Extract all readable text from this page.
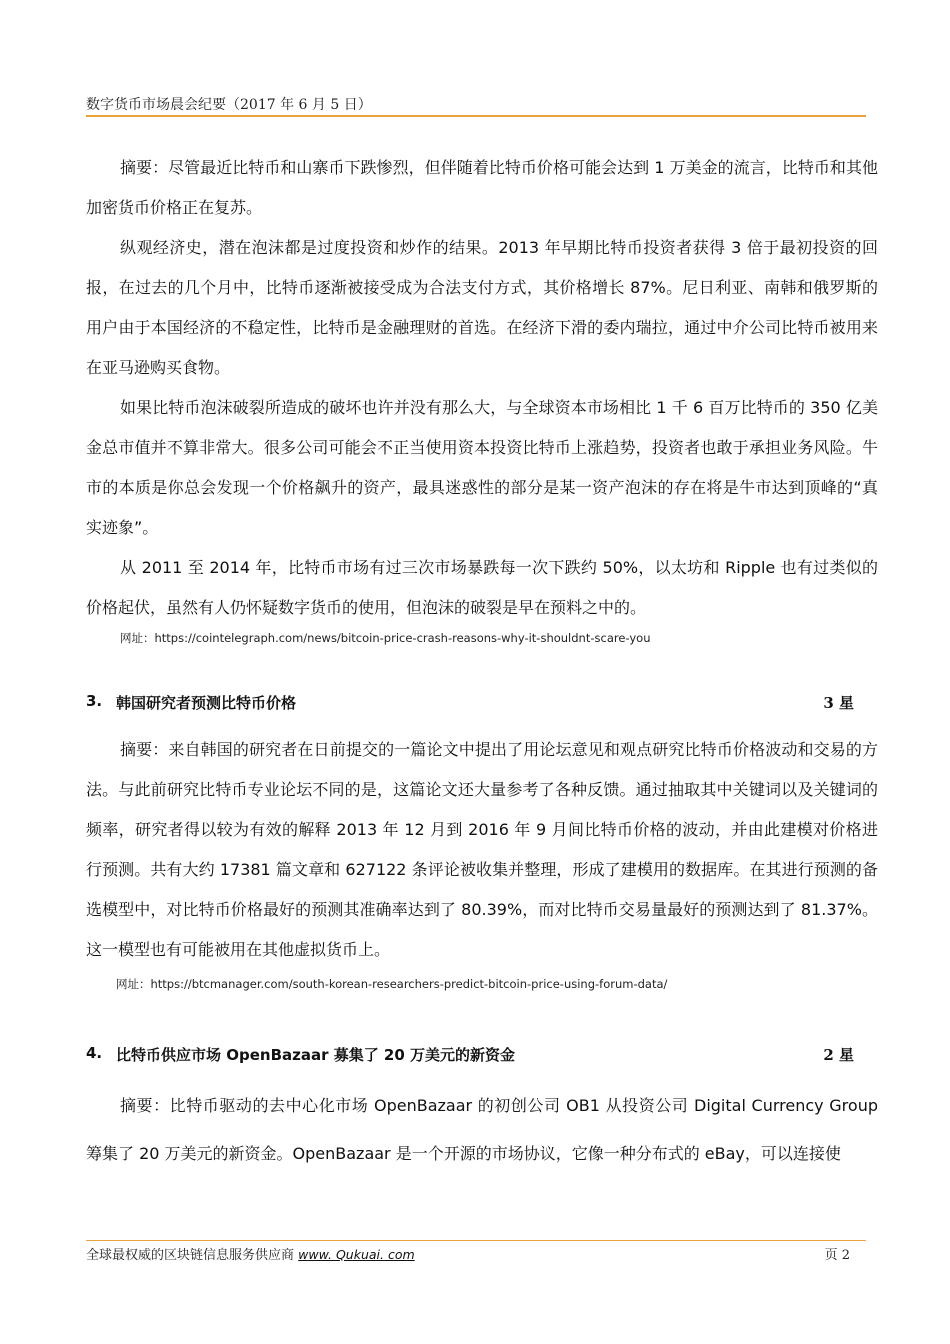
数字货币市场晨会纪要（2017 年 6 月 5 日）

摘要：尽管最近比特币和山寨币下跌惨烈，但伴随着比特币价格可能会达到 1 万美金的流言，比特币和其他加密货币价格正在复苏。

纵观经济史，潜在泡沫都是过度投资和炒作的结果。2013 年早期比特币投资者获得 3 倍于最初投资的回报，在过去的几个月中，比特币逐渐被接受成为合法支付方式，其价格增长 87%。尼日利亚、南韩和俄罗斯的用户由于本国经济的不稳定性，比特币是金融理财的首选。在经济下滑的委内瑞拉，通过中介公司比特币被用来在亚马逊购买食物。

如果比特币泡沫破裂所造成的破坏也许并没有那么大，与全球资本市场相比 1 千 6 百万比特币的 350 亿美金总市值并不算非常大。很多公司可能会不正当使用资本投资比特币上涨趋势，投资者也敢于承担业务风险。牛市的本质是你总会发现一个价格飙升的资产，最具迷惑性的部分是某一资产泡沫的存在将是牛市达到顶峰的“真实迹象”。

从 2011 至 2014 年，比特币市场有过三次市场暴跌每一次下跌约 50%，以太坊和 Ripple 也有过类似的价格起伏，虽然有人仍怀疑数字货币的使用，但泡沫的破裂是早在预料之中的。

网址：https://cointelegraph.com/news/bitcoin-price-crash-reasons-why-it-shouldnt-scare-you

3. 韩国研究者预测比特币价格	3 星

摘要：来自韩国的研究者在日前提交的一篇论文中提出了用论坛意见和观点研究比特币价格波动和交易的方法。与此前研究比特币专业论坛不同的是，这篇论文还大量参考了各种反馈。通过抽取其中关键词以及关键词的频率，研究者得以较为有效的解释 2013 年 12 月到 2016 年 9 月间比特币价格的波动，并由此建模对价格进行预测。共有大约 17381 篇文章和 627122 条评论被收集并整理，形成了建模用的数据库。在其进行预测的备选模型中，对比特币价格最好的预测其准确率达到了 80.39%，而对比特币交易量最好的预测达到了 81.37%。这一模型也有可能被用在其他虚拟货币上。

网址：https://btcmanager.com/south-korean-researchers-predict-bitcoin-price-using-forum-data/

4. 比特币供应市场 OpenBazaar 募集了 20 万美元的新资金	2 星

摘要：比特币驱动的去中心化市场 OpenBazaar 的初创公司 OB1 从投资公司 Digital Currency Group 筹集了 20 万美元的新资金。OpenBazaar 是一个开源的市场协议，它像一种分布式的 eBay，可以连接使

全球最权威的区块链信息服务供应商 www. Qukuai. com	页 2
